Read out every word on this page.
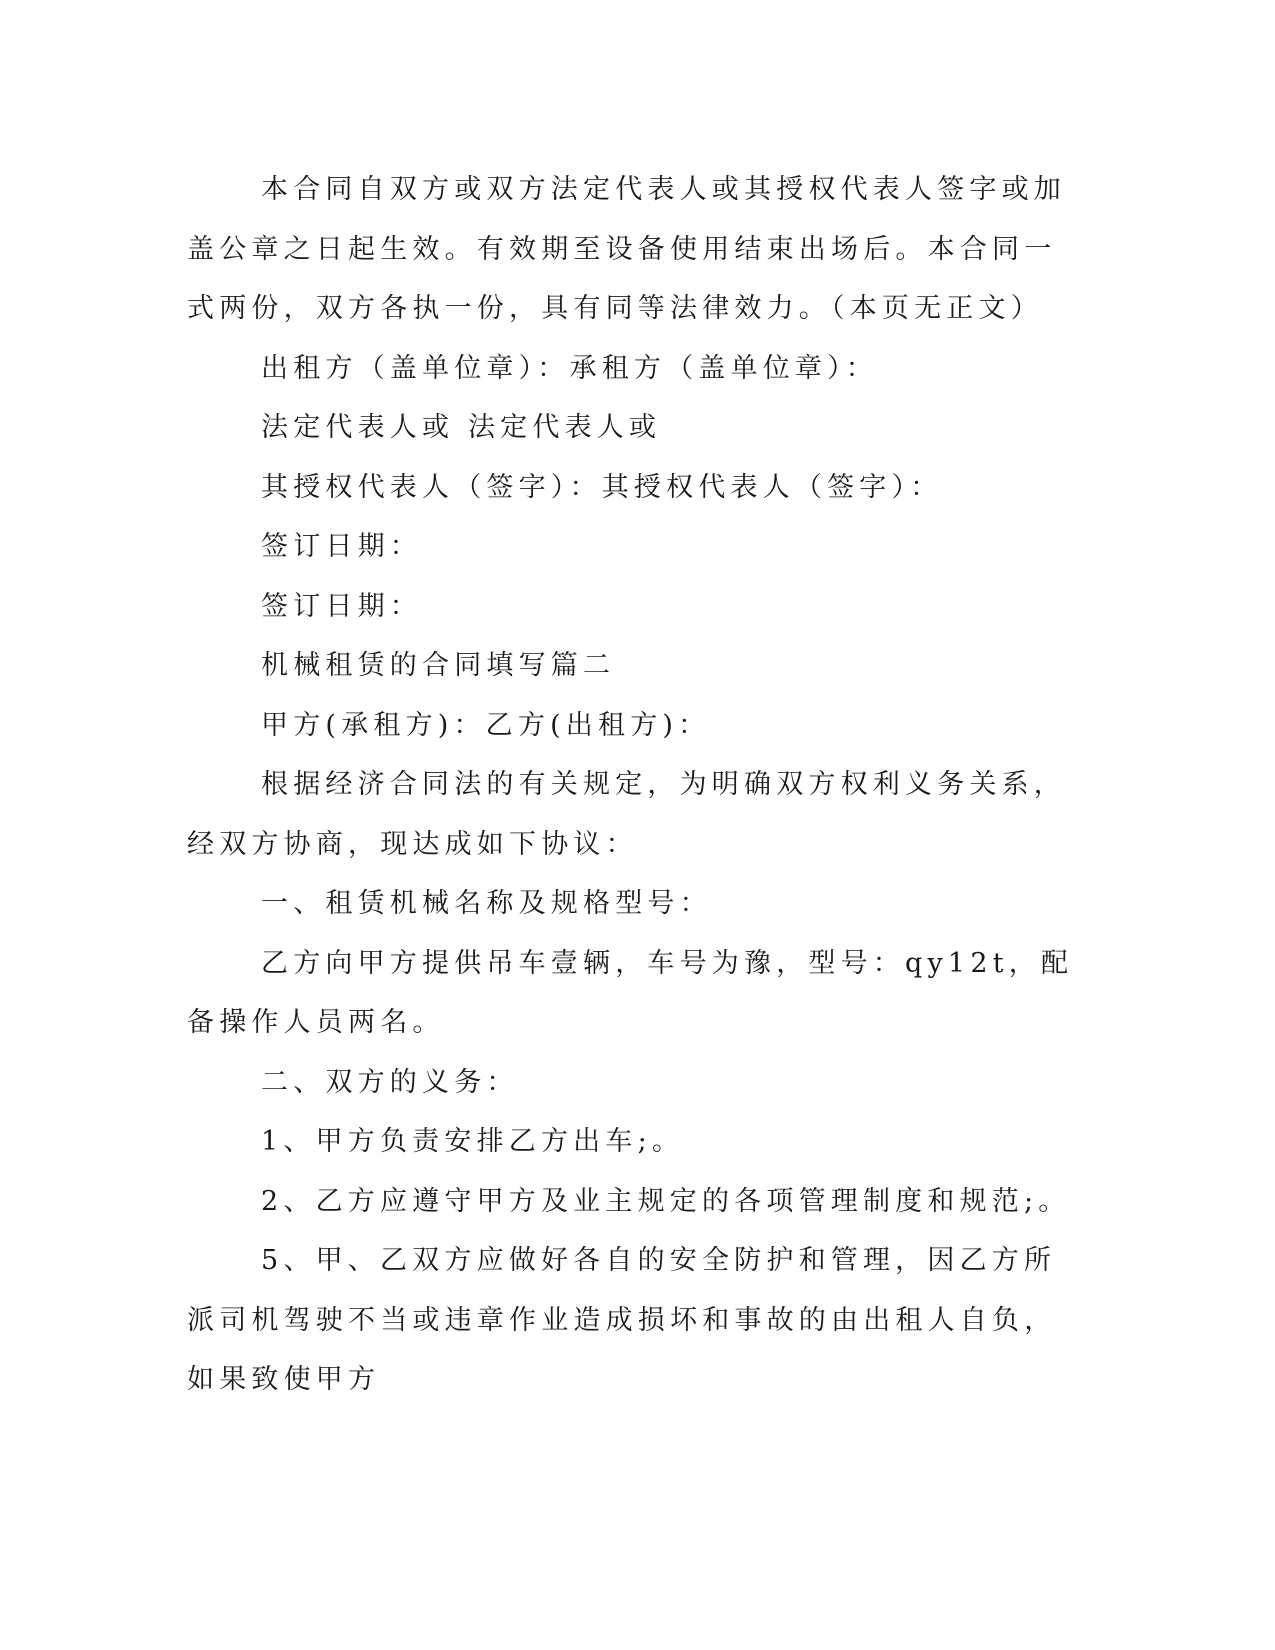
本合同自双方或双方法定代表人或其授权代表人签字或加盖公章之日起生效。有效期至设备使用结束出场后。本合同一式两份，双方各执一份，具有同等法律效力。（本页无正文）

出租方（盖单位章）：承租方（盖单位章）：

法定代表人或 法定代表人或

其授权代表人（签字）：其授权代表人（签字）：

签订日期：

签订日期：

机械租赁的合同填写篇二

甲方(承租方)：乙方(出租方)：

根据经济合同法的有关规定，为明确双方权利义务关系，经双方协商，现达成如下协议：

一、租赁机械名称及规格型号：

乙方向甲方提供吊车壹辆，车号为豫，型号：qy12t，配备操作人员两名。

二、双方的义务：

1、甲方负责安排乙方出车;。

2、乙方应遵守甲方及业主规定的各项管理制度和规范;。

5、甲、乙双方应做好各自的安全防护和管理，因乙方所派司机驾驶不当或违章作业造成损坏和事故的由出租人自负，如果致使甲方
